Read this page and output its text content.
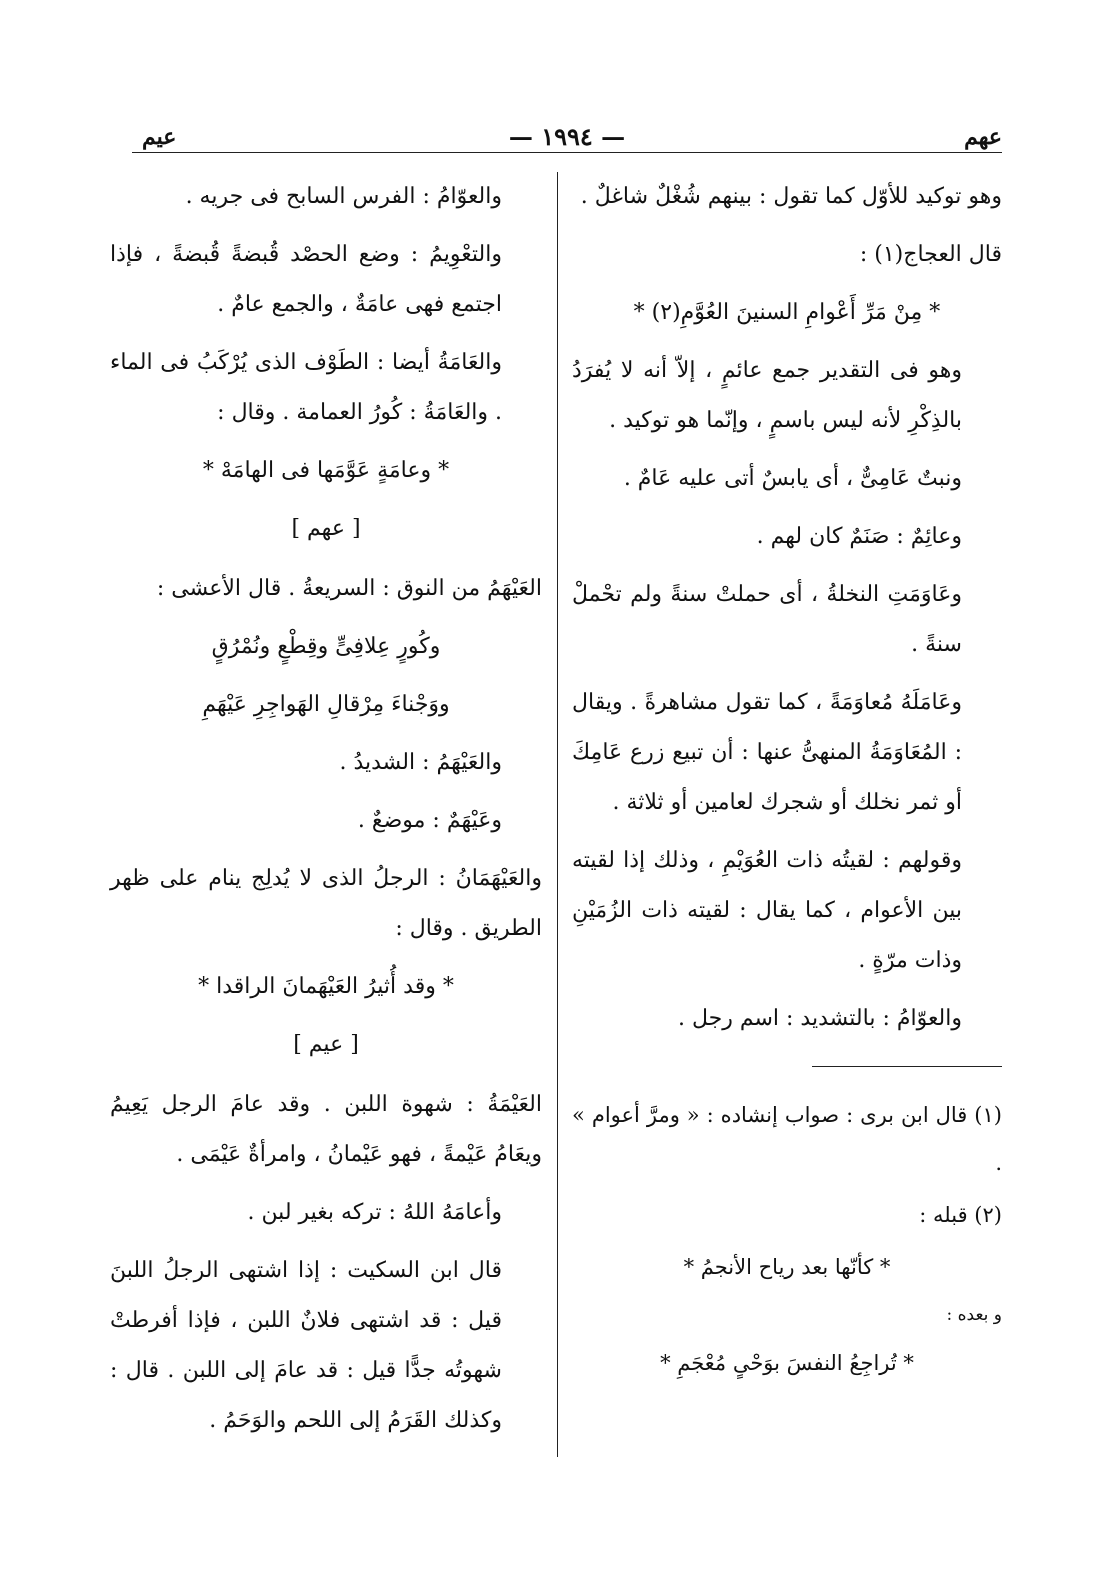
عهم
— ١٩٩٤ —
عيم

وهو توكيد للأوّل كما تقول : بينهم شُغْلٌ شاغلٌ .

قال العجاج(١) :

* مِنْ مَرِّ أَعْوامِ السنينَ العُوَّمِ(٢) *

وهو فى التقدير جمع عائمٍ ، إلاّ أنه لا يُفرَدُ بالذِكْرِ لأنه ليس باسمٍ ، وإنّما هو توكيد .

ونبتٌ عَامِىٌّ ، أى يابسٌ أتى عليه عَامٌ .

وعائِمٌ : صَنَمٌ كان لهم .

وعَاوَمَتِ النخلةُ ، أى حملتْ سنةً ولم تحْملْ سنةً .

وعَامَلَهُ مُعاوَمَةً ، كما تقول مشاهرةً . ويقال : المُعَاوَمَةُ المنهىُّ عنها : أن تبيع زرع عَامِكَ أو ثمر نخلك أو شجرك لعامين أو ثلاثة .

وقولهم : لقيتُه ذات العُوَيْمِ ، وذلك إذا لقيته بين الأعوام ، كما يقال : لقيته ذات الزُمَيْنِ وذات مرّةٍ .

والعوّامُ : بالتشديد : اسم رجل .

(١) قال ابن برى : صواب إنشاده : « ومرَّ أعوام » .

(٢) قبله :

* كأنّها بعد رياح الأنجمُ *

و بعده :

* تُراجِعُ النفسَ بوَحْىٍ مُعْجَمِ *

والعوّامُ : الفرس السابح فى جريه .

والتعْوِيمُ : وضع الحصْد قُبضةً قُبضةً ، فإذا اجتمع فهى عامَةٌ ، والجمع عامٌ .

والعَامَةُ أيضا : الطَوْف الذى يُرْكَبُ فى الماء . والعَامَةُ : كُورُ العمامة . وقال :

* وعامَةٍ عَوَّمَها فى الهامَهْ *

[ عهم ]

العَيْهَمُ من النوق : السريعةُ . قال الأعشى :

وكُورٍ عِلافِىٍّ وقِطْعٍ ونُمْرُقٍ

ووَجْناءَ مِرْقالِ الهَواجِرِ عَيْهَمِ

والعَيْهَمُ : الشديدُ .

وعَيْهَمٌ : موضعٌ .

والعَيْهَمَانُ : الرجلُ الذى لا يُدلِج ينام على ظهر الطريق . وقال :

* وقد أُثيرُ العَيْهَمانَ الراقدا *

[ عيم ]

العَيْمَةُ : شهوة اللبن . وقد عامَ الرجل يَعِيمُ ويعَامُ عَيْمةً ، فهو عَيْمانُ ، وامرأةٌ عَيْمَى .

وأعامَهُ اللهُ : تركه بغير لبن .

قال ابن السكيت : إذا اشتهى الرجلُ اللبنَ قيل : قد اشتهى فلانٌ اللبن ، فإذا أفرطتْ شهوتُه جدًّا قيل : قد عامَ إلى اللبن . قال : وكذلك القَرَمُ إلى اللحم والوَحَمُ .
